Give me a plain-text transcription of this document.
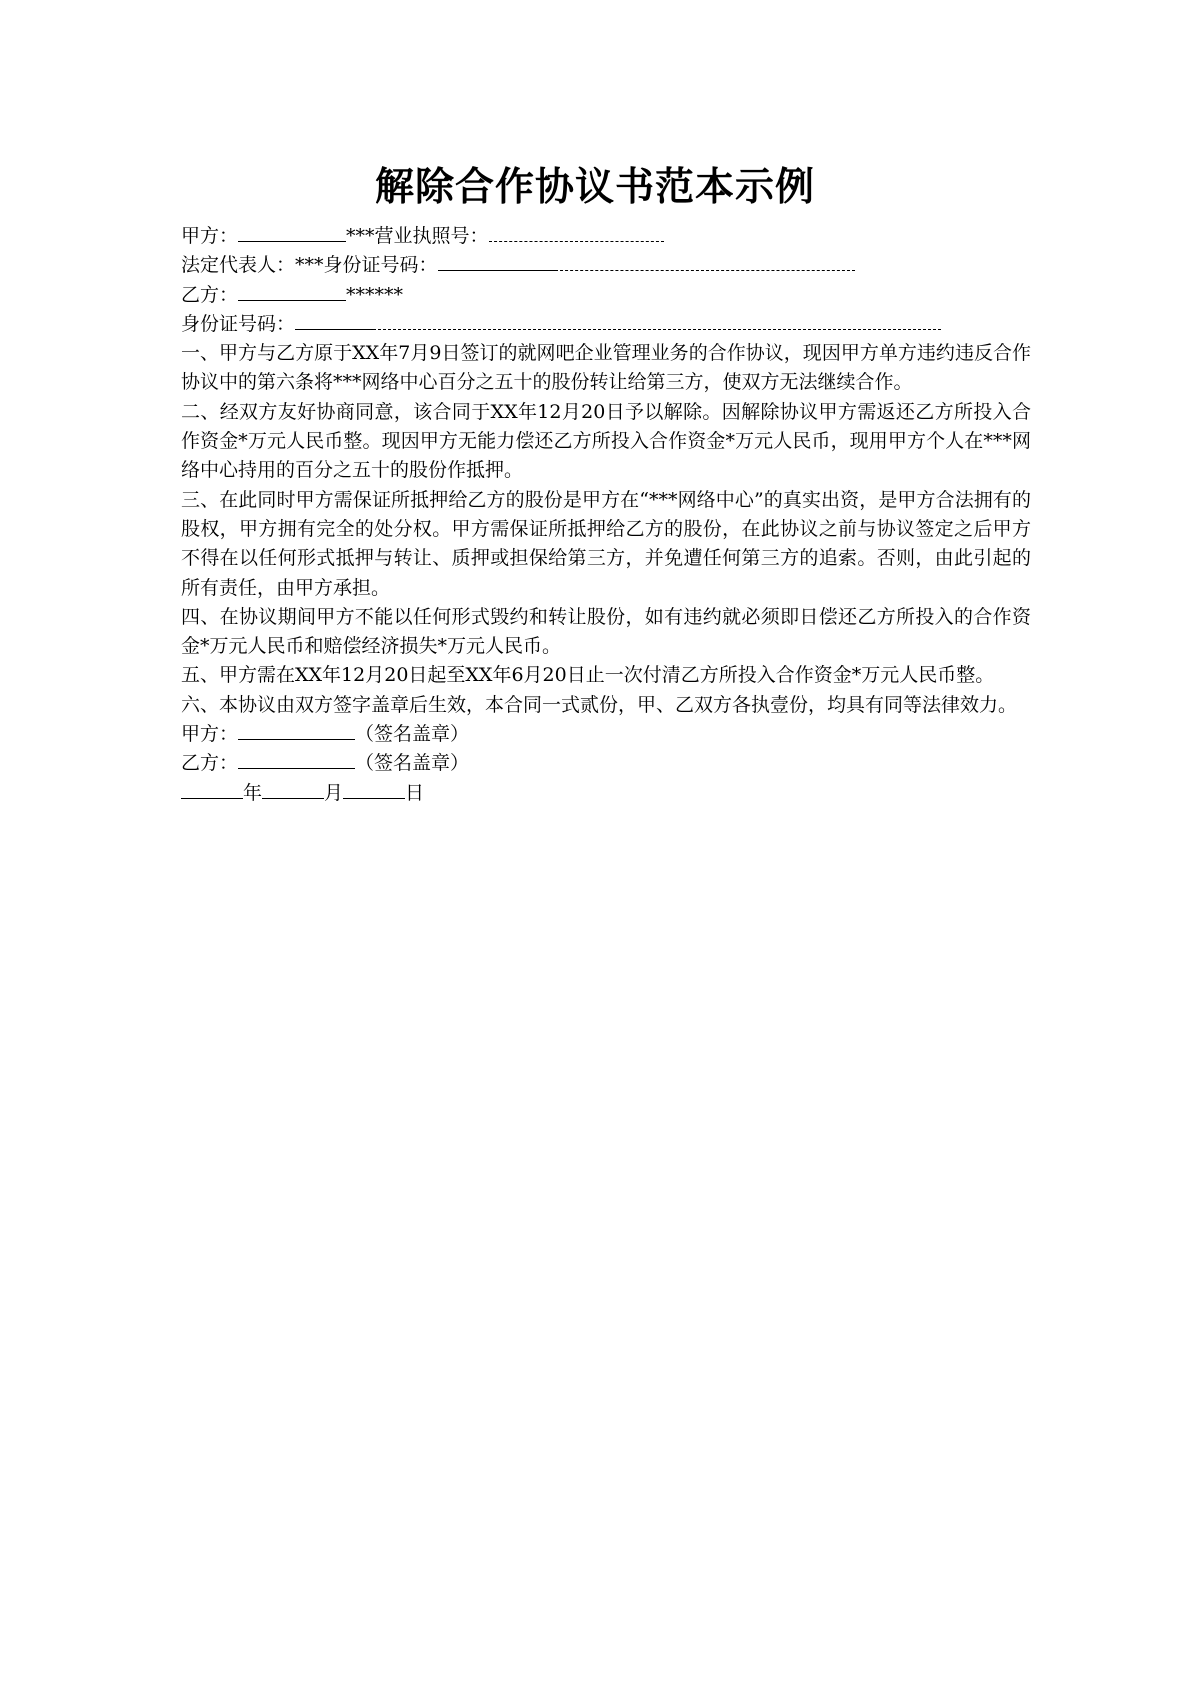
解除合作协议书范本示例

甲方：	***营业执照号：

法定代表人：***身份证号码：

乙方：	******

身份证号码：

一、甲方与乙方原于XX年7月9日签订的就网吧企业管理业务的合作协议，现因甲方单方违约违反合作协议中的第六条将***网络中心百分之五十的股份转让给第三方，使双方无法继续合作。

二、经双方友好协商同意，该合同于XX年12月20日予以解除。因解除协议甲方需返还乙方所投入合作资金*万元人民币整。现因甲方无能力偿还乙方所投入合作资金*万元人民币，现用甲方个人在***网络中心持用的百分之五十的股份作抵押。

三、在此同时甲方需保证所抵押给乙方的股份是甲方在“***网络中心”的真实出资，是甲方合法拥有的股权，甲方拥有完全的处分权。甲方需保证所抵押给乙方的股份，在此协议之前与协议签定之后甲方不得在以任何形式抵押与转让、质押或担保给第三方，并免遭任何第三方的追索。否则，由此引起的所有责任，由甲方承担。

四、在协议期间甲方不能以任何形式毁约和转让股份，如有违约就必须即日偿还乙方所投入的合作资金*万元人民币和赔偿经济损失*万元人民币。

五、甲方需在XX年12月20日起至XX年6月20日止一次付清乙方所投入合作资金*万元人民币整。

六、本协议由双方签字盖章后生效，本合同一式贰份，甲、乙双方各执壹份，均具有同等法律效力。

甲方：	（签名盖章）

乙方：	（签名盖章）

年	月	日
